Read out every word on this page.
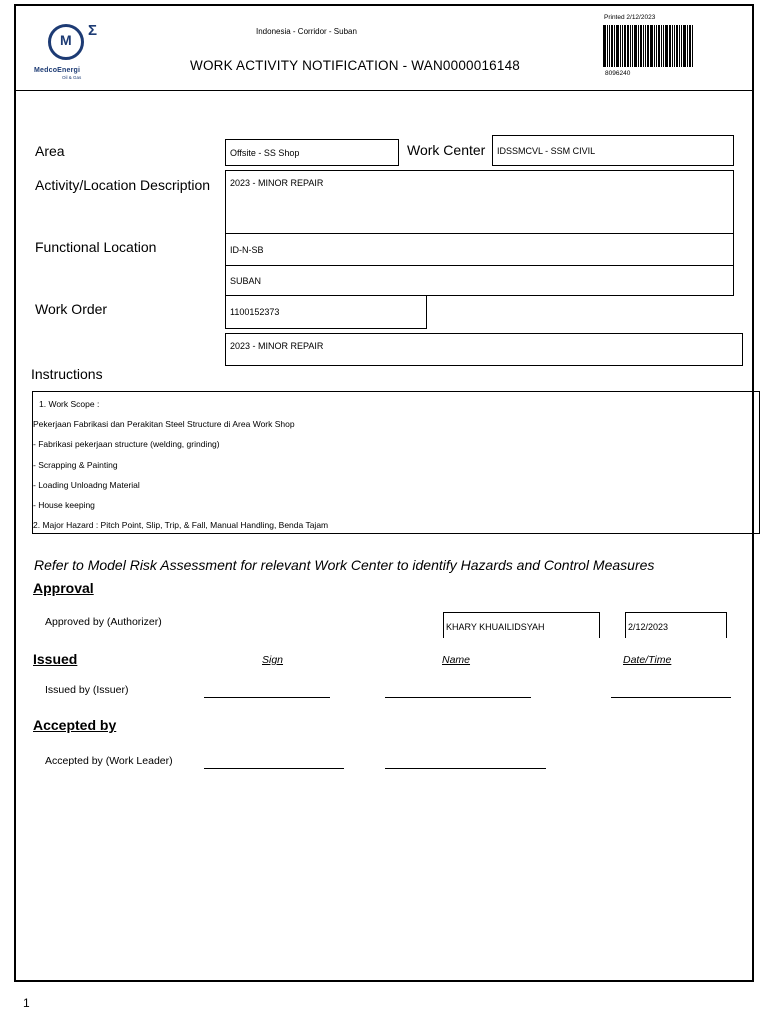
M
Σ
MedcoEnergi
Oil & Gas
Indonesia - Corridor - Suban
WORK ACTIVITY NOTIFICATION - WAN0000016148
Printed 2/12/2023
8096240
Area	Offsite - SS Shop	Work Center	IDSSMCVL - SSM CIVIL
Activity/Location Description	2023 - MINOR REPAIR
Functional Location	ID-N-SB
SUBAN
Work Order	1100152373
2023 - MINOR REPAIR
Instructions
1. Work Scope :
Pekerjaan Fabrikasi dan Perakitan Steel Structure di Area Work Shop
- Fabrikasi pekerjaan structure (welding, grinding)
- Scrapping & Painting
- Loading Unloadng Material
- House keeping
2. Major Hazard : Pitch Point, Slip, Trip, & Fall, Manual Handling, Benda Tajam
Refer to Model Risk Assessment for relevant Work Center to identify Hazards and Control Measures
Approval
Approved by (Authorizer)	KHARY KHUAILIDSYAH	2/12/2023
Issued	Sign	Name	Date/Time
Issued by (Issuer)
Accepted by
Accepted by (Work Leader)
1
